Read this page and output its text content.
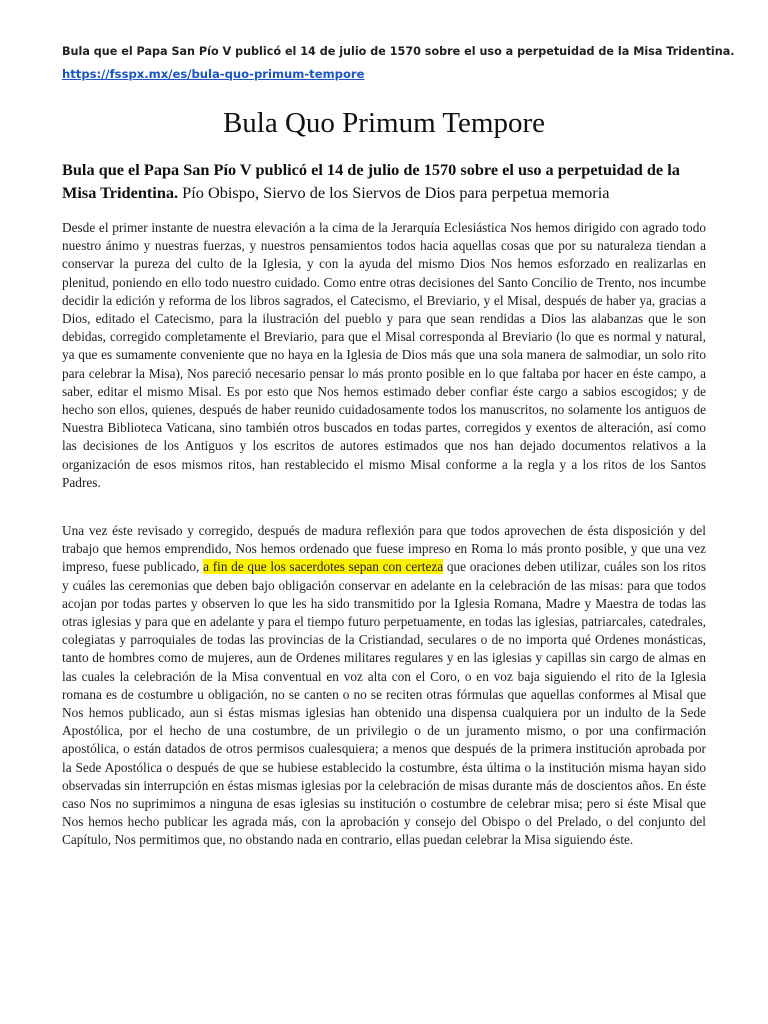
Bula que el Papa San Pío V publicó el 14 de julio de 1570 sobre el uso a perpetuidad de la Misa Tridentina.
https://fsspx.mx/es/bula-quo-primum-tempore
Bula Quo Primum Tempore
Bula que el Papa San Pío V publicó el 14 de julio de 1570 sobre el uso a perpetuidad de la Misa Tridentina. Pío Obispo, Siervo de los Siervos de Dios para perpetua memoria

Desde el primer instante de nuestra elevación a la cima de la Jerarquía Eclesiástica Nos hemos dirigido con agrado todo nuestro ánimo y nuestras fuerzas, y nuestros pensamientos todos hacia aquellas cosas que por su naturaleza tiendan a conservar la pureza del culto de la Iglesia, y con la ayuda del mismo Dios Nos hemos esforzado en realizarlas en plenitud, poniendo en ello todo nuestro cuidado. Como entre otras decisiones del Santo Concilio de Trento, nos incumbe decidir la edición y reforma de los libros sagrados, el Catecismo, el Breviario, y el Misal, después de haber ya, gracias a Dios, editado el Catecismo, para la ilustración del pueblo y para que sean rendidas a Dios las alabanzas que le son debidas, corregido completamente el Breviario, para que el Misal corresponda al Breviario (lo que es normal y natural, ya que es sumamente conveniente que no haya en la Iglesia de Dios más que una sola manera de salmodiar, un solo rito para celebrar la Misa), Nos pareció necesario pensar lo más pronto posible en lo que faltaba por hacer en éste campo, a saber, editar el mismo Misal. Es por esto que Nos hemos estimado deber confiar éste cargo a sabios escogidos; y de hecho son ellos, quienes, después de haber reunido cuidadosamente todos los manuscritos, no solamente los antiguos de Nuestra Biblioteca Vaticana, sino también otros buscados en todas partes, corregidos y exentos de alteración, así como las decisiones de los Antiguos y los escritos de autores estimados que nos han dejado documentos relativos a la organización de esos mismos ritos, han restablecido el mismo Misal conforme a la regla y a los ritos de los Santos Padres.

Una vez éste revisado y corregido, después de madura reflexión para que todos aprovechen de ésta disposición y del trabajo que hemos emprendido, Nos hemos ordenado que fuese impreso en Roma lo más pronto posible, y que una vez impreso, fuese publicado, a fin de que los sacerdotes sepan con certeza que oraciones deben utilizar, cuáles son los ritos y cuáles las ceremonias que deben bajo obligación conservar en adelante en la celebración de las misas: para que todos acojan por todas partes y observen lo que les ha sido transmitido por la Iglesia Romana, Madre y Maestra de todas las otras iglesias y para que en adelante y para el tiempo futuro perpetuamente, en todas las iglesias, patriarcales, catedrales, colegiatas y parroquiales de todas las provincias de la Cristiandad, seculares o de no importa qué Ordenes monásticas, tanto de hombres como de mujeres, aun de Ordenes militares regulares y en las iglesias y capillas sin cargo de almas en las cuales la celebración de la Misa conventual en voz alta con el Coro, o en voz baja siguiendo el rito de la Iglesia romana es de costumbre u obligación, no se canten o no se reciten otras fórmulas que aquellas conformes al Misal que Nos hemos publicado, aun si éstas mismas iglesias han obtenido una dispensa cualquiera por un indulto de la Sede Apostólica, por el hecho de una costumbre, de un privilegio o de un juramento mismo, o por una confirmación apostólica, o están datados de otros permisos cualesquiera; a menos que después de la primera institución aprobada por la Sede Apostólica o después de que se hubiese establecido la costumbre, ésta última o la institución misma hayan sido observadas sin interrupción en éstas mismas iglesias por la celebración de misas durante más de doscientos años. En éste caso Nos no suprimimos a ninguna de esas iglesias su institución o costumbre de celebrar misa; pero si éste Misal que Nos hemos hecho publicar les agrada más, con la aprobación y consejo del Obispo o del Prelado, o del conjunto del Capítulo, Nos permitimos que, no obstando nada en contrario, ellas puedan celebrar la Misa siguiendo éste.
